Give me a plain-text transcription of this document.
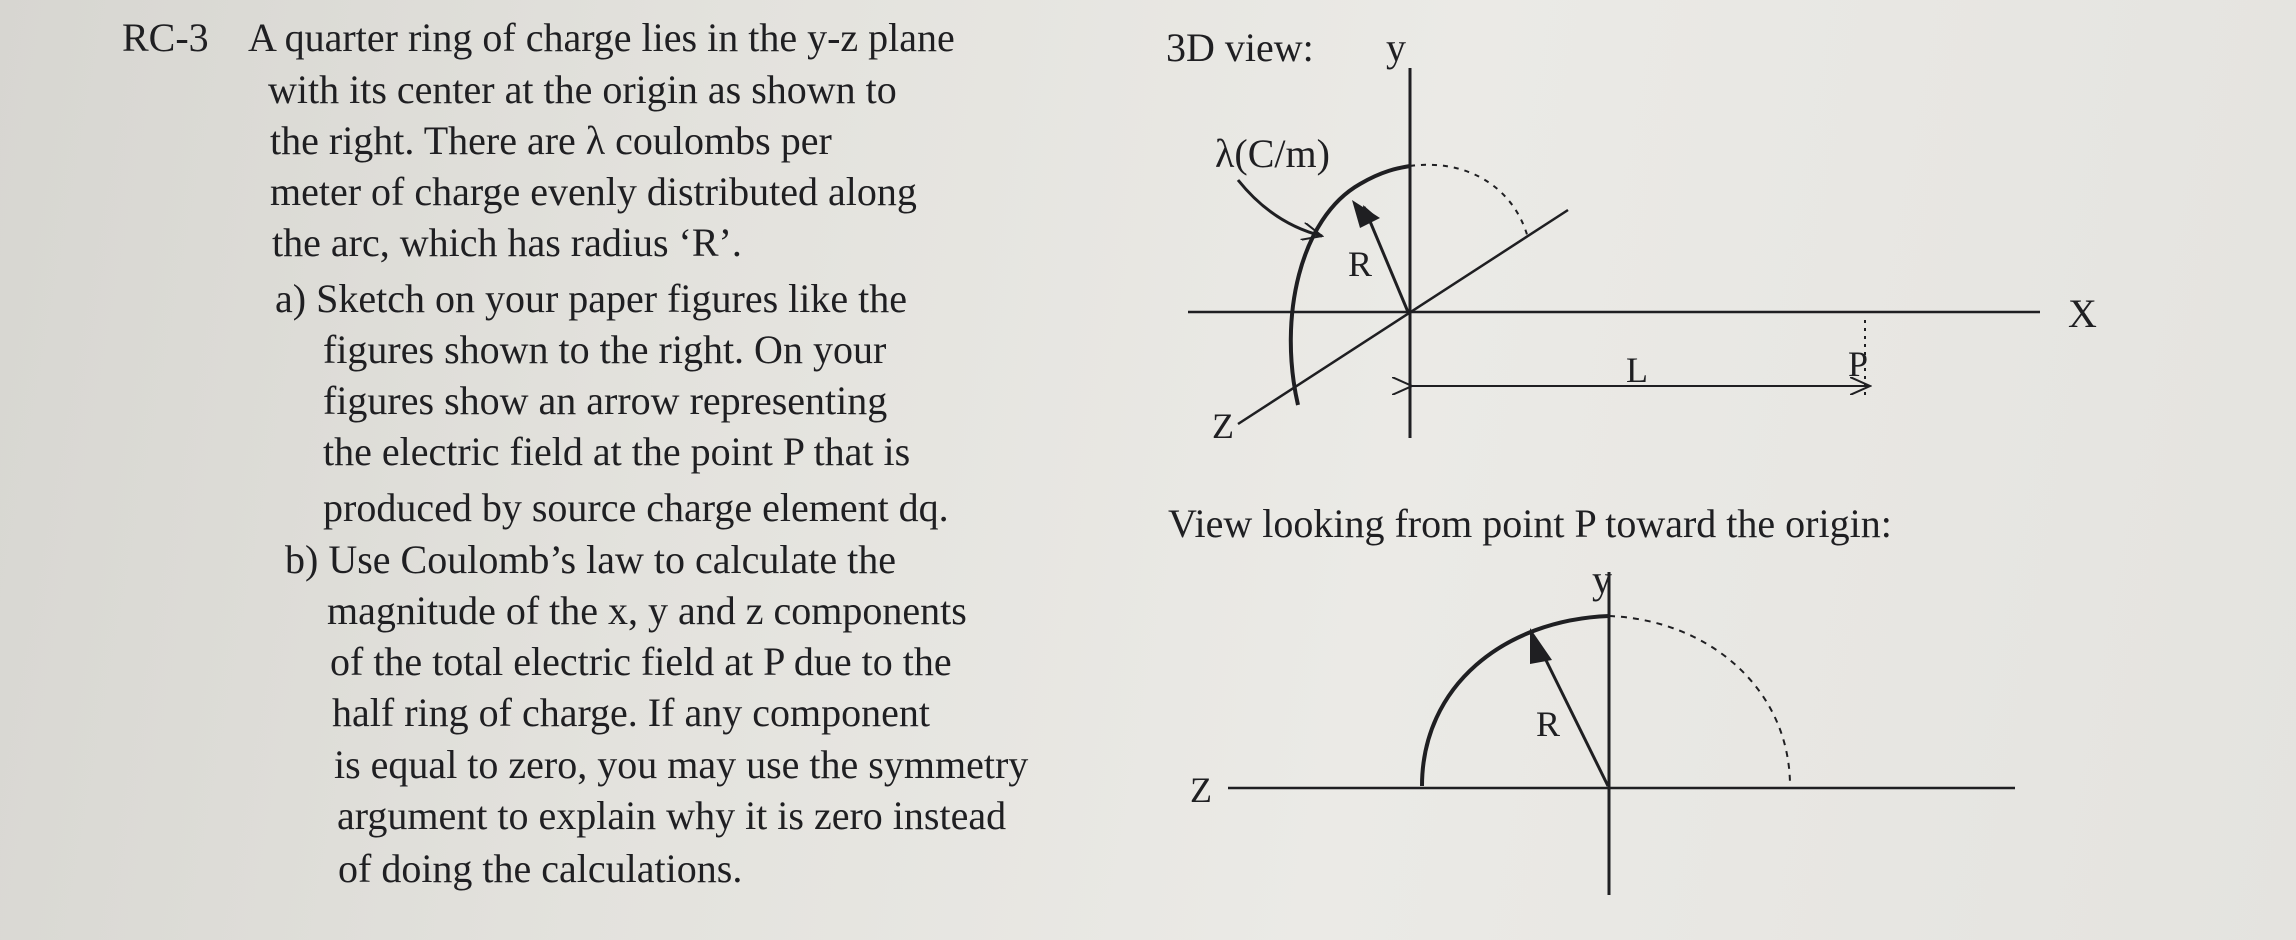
RC-3 A quarter ring of charge lies in the y-z plane
with its center at the origin as shown to
the right. There are λ coulombs per
meter of charge evenly distributed along
the arc, which has radius ‘R’.
a) Sketch on your paper figures like the
figures shown to the right. On your
figures show an arrow representing
the electric field at the point P that is
produced by source charge element dq.
b) Use Coulomb’s law to calculate the
magnitude of the x, y and z components
of the total electric field at P due to the
half ring of charge. If any component
is equal to zero, you may use the symmetry
argument to explain why it is zero instead
of doing the calculations.
3D view: y
λ(C/m)
R
X
L	P
Z
View looking from point P toward the origin:
y
R
Z
